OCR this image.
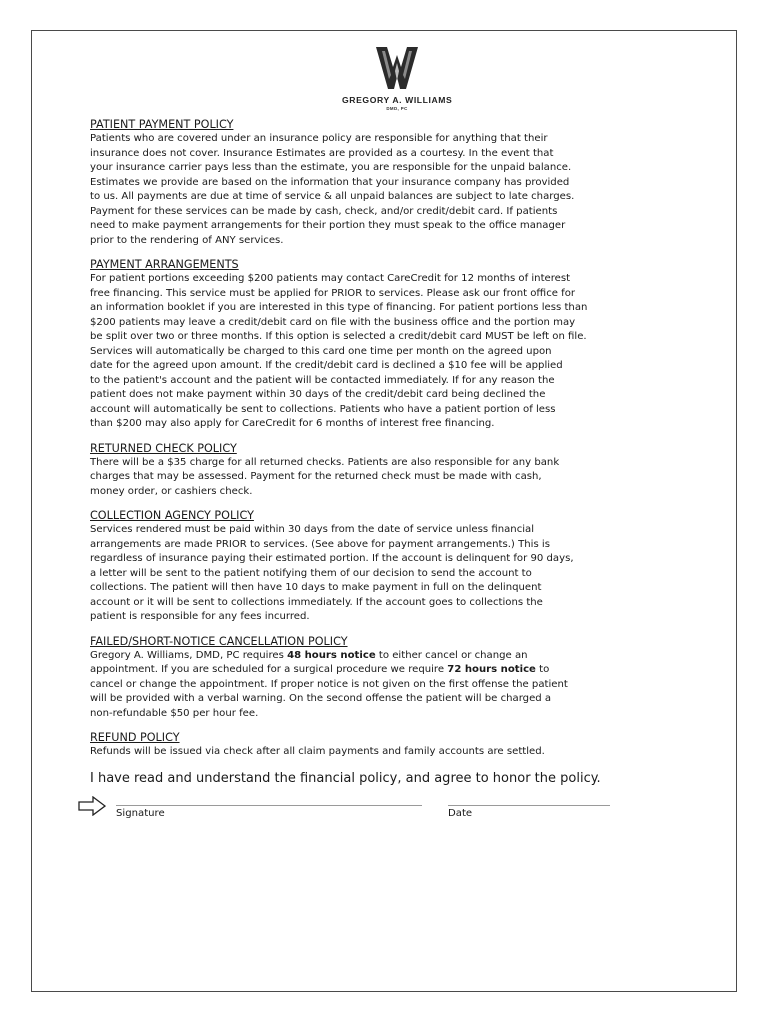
GREGORY A. WILLIAMS
DMD, PC

PATIENT PAYMENT POLICY

Patients who are covered under an insurance policy are responsible for anything that their

insurance does not cover. Insurance Estimates are provided as a courtesy. In the event that

your insurance carrier pays less than the estimate, you are responsible for the unpaid balance.

Estimates we provide are based on the information that your insurance company has provided

to us. All payments are due at time of service & all unpaid balances are subject to late charges.

Payment for these services can be made by cash, check, and/or credit/debit card. If patients

need to make payment arrangements for their portion they must speak to the office manager

prior to the rendering of ANY services.

PAYMENT ARRANGEMENTS

For patient portions exceeding $200 patients may contact CareCredit for 12 months of interest

free financing. This service must be applied for PRIOR to services. Please ask our front office for

an information booklet if you are interested in this type of financing. For patient portions less than

$200 patients may leave a credit/debit card on file with the business office and the portion may

be split over two or three months. If this option is selected a credit/debit card MUST be left on file.

Services will automatically be charged to this card one time per month on the agreed upon

date for the agreed upon amount. If the credit/debit card is declined a $10 fee will be applied

to the patient's account and the patient will be contacted immediately. If for any reason the

patient does not make payment within 30 days of the credit/debit card being declined the

account will automatically be sent to collections. Patients who have a patient portion of less

than $200 may also apply for CareCredit for 6 months of interest free financing.

RETURNED CHECK POLICY

There will be a $35 charge for all returned checks. Patients are also responsible for any bank

charges that may be assessed. Payment for the returned check must be made with cash,

money order, or cashiers check.

COLLECTION AGENCY POLICY

Services rendered must be paid within 30 days from the date of service unless financial

arrangements are made PRIOR to services. (See above for payment arrangements.) This is

regardless of insurance paying their estimated portion. If the account is delinquent for 90 days,

a letter will be sent to the patient notifying them of our decision to send the account to

collections. The patient will then have 10 days to make payment in full on the delinquent

account or it will be sent to collections immediately. If the account goes to collections the

patient is responsible for any fees incurred.

FAILED/SHORT-NOTICE CANCELLATION POLICY

Gregory A. Williams, DMD, PC requires 48 hours notice to either cancel or change an

appointment. If you are scheduled for a surgical procedure we require 72 hours notice to

cancel or change the appointment. If proper notice is not given on the first offense the patient

will be provided with a verbal warning. On the second offense the patient will be charged a

non-refundable $50 per hour fee.

REFUND POLICY

Refunds will be issued via check after all claim payments and family accounts are settled.

I have read and understand the financial policy, and agree to honor the policy.

Signature	Date
